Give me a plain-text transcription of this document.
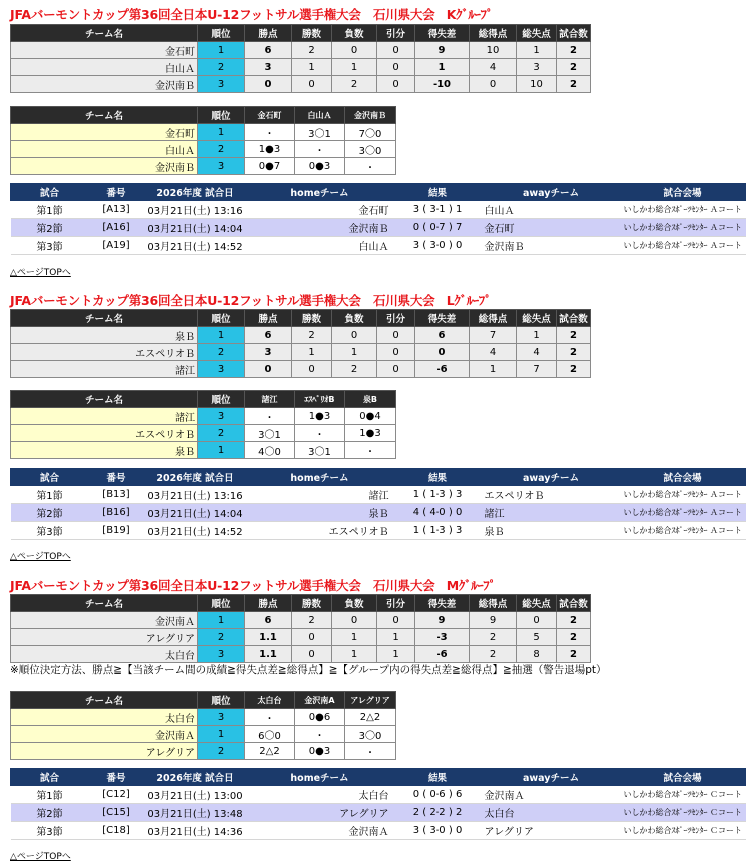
JFAバーモントカップ第36回全日本U-12フットサル選手権大会　石川県大会　Kｸﾞﾙｰﾌﾟ
チーム名	順位	勝点	勝数	負数	引分	得失差	総得点	総失点	試合数
金石町	1	6	2	0	0	9	10	1	2
白山Ａ	2	3	1	1	0	1	4	3	2
金沢南Ｂ	3	0	0	2	0	-10	0	10	2
チーム名	順位	金石町	白山Ａ	金沢南Ｂ
金石町	1	・	3〇1	7〇0
白山Ａ	2	1●3	・	3〇0
金沢南Ｂ	3	0●7	0●3	・
試合	番号	2026年度 試合日	homeチーム	結果	awayチーム	試合会場
第1節	[A13]	03月21日(土) 13:16	金石町	3 ( 3-1 ) 1	白山Ａ	いしかわ総合ｽﾎﾟｰﾂｾﾝﾀｰ Ａコート
第2節	[A16]	03月21日(土) 14:04	金沢南Ｂ	0 ( 0-7 ) 7	金石町	いしかわ総合ｽﾎﾟｰﾂｾﾝﾀｰ Ａコート
第3節	[A19]	03月21日(土) 14:52	白山Ａ	3 ( 3-0 ) 0	金沢南Ｂ	いしかわ総合ｽﾎﾟｰﾂｾﾝﾀｰ Ａコート
△ページTOPへ
JFAバーモントカップ第36回全日本U-12フットサル選手権大会　石川県大会　Lｸﾞﾙｰﾌﾟ
チーム名	順位	勝点	勝数	負数	引分	得失差	総得点	総失点	試合数
泉Ｂ	1	6	2	0	0	6	7	1	2
エスペリオＢ	2	3	1	1	0	0	4	4	2
諸江	3	0	0	2	0	-6	1	7	2
チーム名	順位	諸江	ｴｽﾍﾟﾘｵB	泉B
諸江	3	・	1●3	0●4
エスペリオＢ	2	3〇1	・	1●3
泉Ｂ	1	4〇0	3〇1	・
試合	番号	2026年度 試合日	homeチーム	結果	awayチーム	試合会場
第1節	[B13]	03月21日(土) 13:16	諸江	1 ( 1-3 ) 3	エスペリオＢ	いしかわ総合ｽﾎﾟｰﾂｾﾝﾀｰ Ａコート
第2節	[B16]	03月21日(土) 14:04	泉Ｂ	4 ( 4-0 ) 0	諸江	いしかわ総合ｽﾎﾟｰﾂｾﾝﾀｰ Ａコート
第3節	[B19]	03月21日(土) 14:52	エスペリオＢ	1 ( 1-3 ) 3	泉Ｂ	いしかわ総合ｽﾎﾟｰﾂｾﾝﾀｰ Ａコート
△ページTOPへ
JFAバーモントカップ第36回全日本U-12フットサル選手権大会　石川県大会　Mｸﾞﾙｰﾌﾟ
チーム名	順位	勝点	勝数	負数	引分	得失差	総得点	総失点	試合数
金沢南Ａ	1	6	2	0	0	9	9	0	2
アレグリア	2	1.1	0	1	1	-3	2	5	2
太白台	3	1.1	0	1	1	-6	2	8	2
※順位決定方法、勝点≧【当該チーム間の成績≧得失点差≧総得点】≧【グループ内の得失点差≧総得点】≧抽選（警告退場pt）
チーム名	順位	太白台	金沢南A	アレグリア
太白台	3	・	0●6	2△2
金沢南Ａ	1	6〇0	・	3〇0
アレグリア	2	2△2	0●3	・
試合	番号	2026年度 試合日	homeチーム	結果	awayチーム	試合会場
第1節	[C12]	03月21日(土) 13:00	太白台	0 ( 0-6 ) 6	金沢南Ａ	いしかわ総合ｽﾎﾟｰﾂｾﾝﾀｰ Ｃコート
第2節	[C15]	03月21日(土) 13:48	アレグリア	2 ( 2-2 ) 2	太白台	いしかわ総合ｽﾎﾟｰﾂｾﾝﾀｰ Ｃコート
第3節	[C18]	03月21日(土) 14:36	金沢南Ａ	3 ( 3-0 ) 0	アレグリア	いしかわ総合ｽﾎﾟｰﾂｾﾝﾀｰ Ｃコート
△ページTOPへ
